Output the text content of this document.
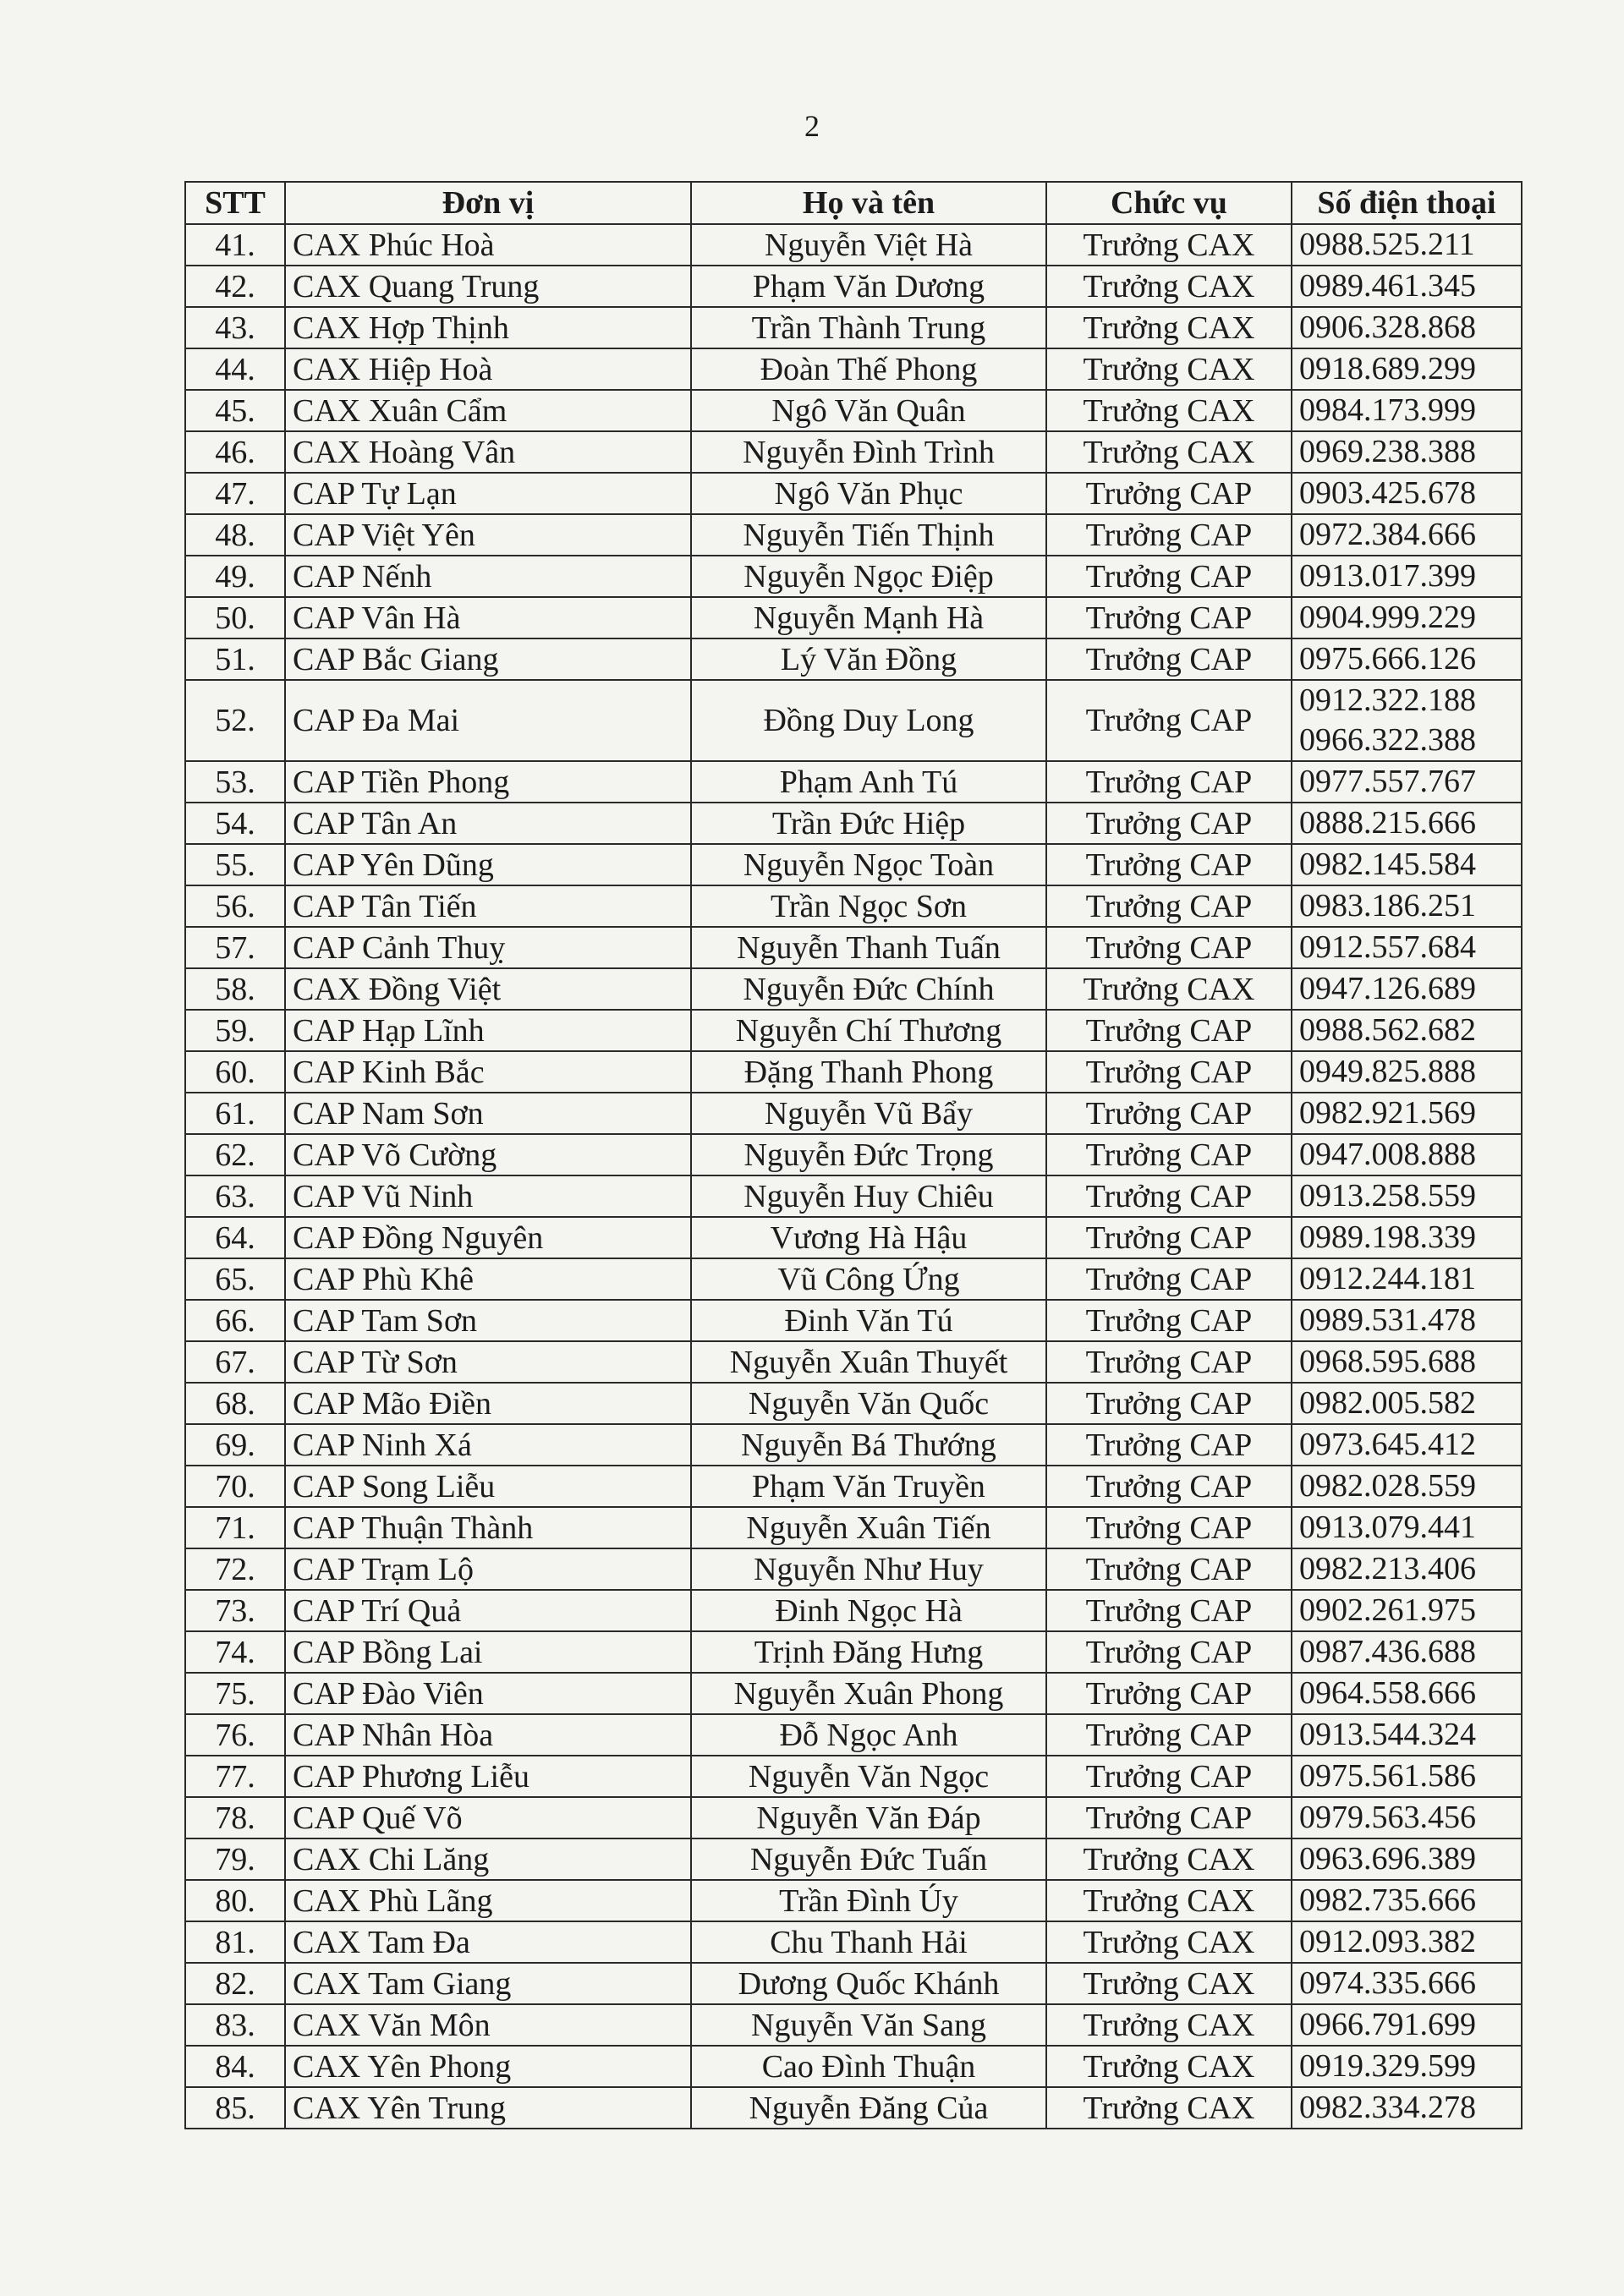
2
STT	Đơn vị	Họ và tên	Chức vụ	Số điện thoại
41.	CAX Phúc Hoà	Nguyễn Việt Hà	Trưởng CAX	0988.525.211

42.	CAX Quang Trung	Phạm Văn Dương	Trưởng CAX	0989.461.345

43.	CAX Hợp Thịnh	Trần Thành Trung	Trưởng CAX	0906.328.868

44.	CAX Hiệp Hoà	Đoàn Thế Phong	Trưởng CAX	0918.689.299

45.	CAX Xuân Cẩm	Ngô Văn Quân	Trưởng CAX	0984.173.999

46.	CAX Hoàng Vân	Nguyễn Đình Trình	Trưởng CAX	0969.238.388

47.	CAP Tự Lạn	Ngô Văn Phục	Trưởng CAP	0903.425.678

48.	CAP Việt Yên	Nguyễn Tiến Thịnh	Trưởng CAP	0972.384.666

49.	CAP Nếnh	Nguyễn Ngọc Điệp	Trưởng CAP	0913.017.399

50.	CAP Vân Hà	Nguyễn Mạnh Hà	Trưởng CAP	0904.999.229

51.	CAP Bắc Giang	Lý Văn Đồng	Trưởng CAP	0975.666.126

52.	CAP Đa Mai	Đồng Duy Long	Trưởng CAP	0912.322.188
0966.322.388

53.	CAP Tiền Phong	Phạm Anh Tú	Trưởng CAP	0977.557.767

54.	CAP Tân An	Trần Đức Hiệp	Trưởng CAP	0888.215.666

55.	CAP Yên Dũng	Nguyễn Ngọc Toàn	Trưởng CAP	0982.145.584

56.	CAP Tân Tiến	Trần Ngọc Sơn	Trưởng CAP	0983.186.251

57.	CAP Cảnh Thuỵ	Nguyễn Thanh Tuấn	Trưởng CAP	0912.557.684

58.	CAX Đồng Việt	Nguyễn Đức Chính	Trưởng CAX	0947.126.689

59.	CAP Hạp Lĩnh	Nguyễn Chí Thương	Trưởng CAP	0988.562.682

60.	CAP Kinh Bắc	Đặng Thanh Phong	Trưởng CAP	0949.825.888

61.	CAP Nam Sơn	Nguyễn Vũ Bẩy	Trưởng CAP	0982.921.569

62.	CAP Võ Cường	Nguyễn Đức Trọng	Trưởng CAP	0947.008.888

63.	CAP Vũ Ninh	Nguyễn Huy Chiêu	Trưởng CAP	0913.258.559

64.	CAP Đồng Nguyên	Vương Hà Hậu	Trưởng CAP	0989.198.339

65.	CAP Phù Khê	Vũ Công Ứng	Trưởng CAP	0912.244.181

66.	CAP Tam Sơn	Đinh Văn Tú	Trưởng CAP	0989.531.478

67.	CAP Từ Sơn	Nguyễn Xuân Thuyết	Trưởng CAP	0968.595.688

68.	CAP Mão Điền	Nguyễn Văn Quốc	Trưởng CAP	0982.005.582

69.	CAP Ninh Xá	Nguyễn Bá Thướng	Trưởng CAP	0973.645.412

70.	CAP Song Liễu	Phạm Văn Truyền	Trưởng CAP	0982.028.559

71.	CAP Thuận Thành	Nguyễn Xuân Tiến	Trưởng CAP	0913.079.441

72.	CAP Trạm Lộ	Nguyễn Như Huy	Trưởng CAP	0982.213.406

73.	CAP Trí Quả	Đinh Ngọc Hà	Trưởng CAP	0902.261.975

74.	CAP Bồng Lai	Trịnh Đăng Hưng	Trưởng CAP	0987.436.688

75.	CAP Đào Viên	Nguyễn Xuân Phong	Trưởng CAP	0964.558.666

76.	CAP Nhân Hòa	Đỗ Ngọc Anh	Trưởng CAP	0913.544.324

77.	CAP Phương Liễu	Nguyễn Văn Ngọc	Trưởng CAP	0975.561.586

78.	CAP Quế Võ	Nguyễn Văn Đáp	Trưởng CAP	0979.563.456

79.	CAX Chi Lăng	Nguyễn Đức Tuấn	Trưởng CAX	0963.696.389

80.	CAX Phù Lãng	Trần Đình Úy	Trưởng CAX	0982.735.666

81.	CAX Tam Đa	Chu Thanh Hải	Trưởng CAX	0912.093.382

82.	CAX Tam Giang	Dương Quốc Khánh	Trưởng CAX	0974.335.666

83.	CAX Văn Môn	Nguyễn Văn Sang	Trưởng CAX	0966.791.699

84.	CAX Yên Phong	Cao Đình Thuận	Trưởng CAX	0919.329.599

85.	CAX Yên Trung	Nguyễn Đăng Của	Trưởng CAX	0982.334.278
